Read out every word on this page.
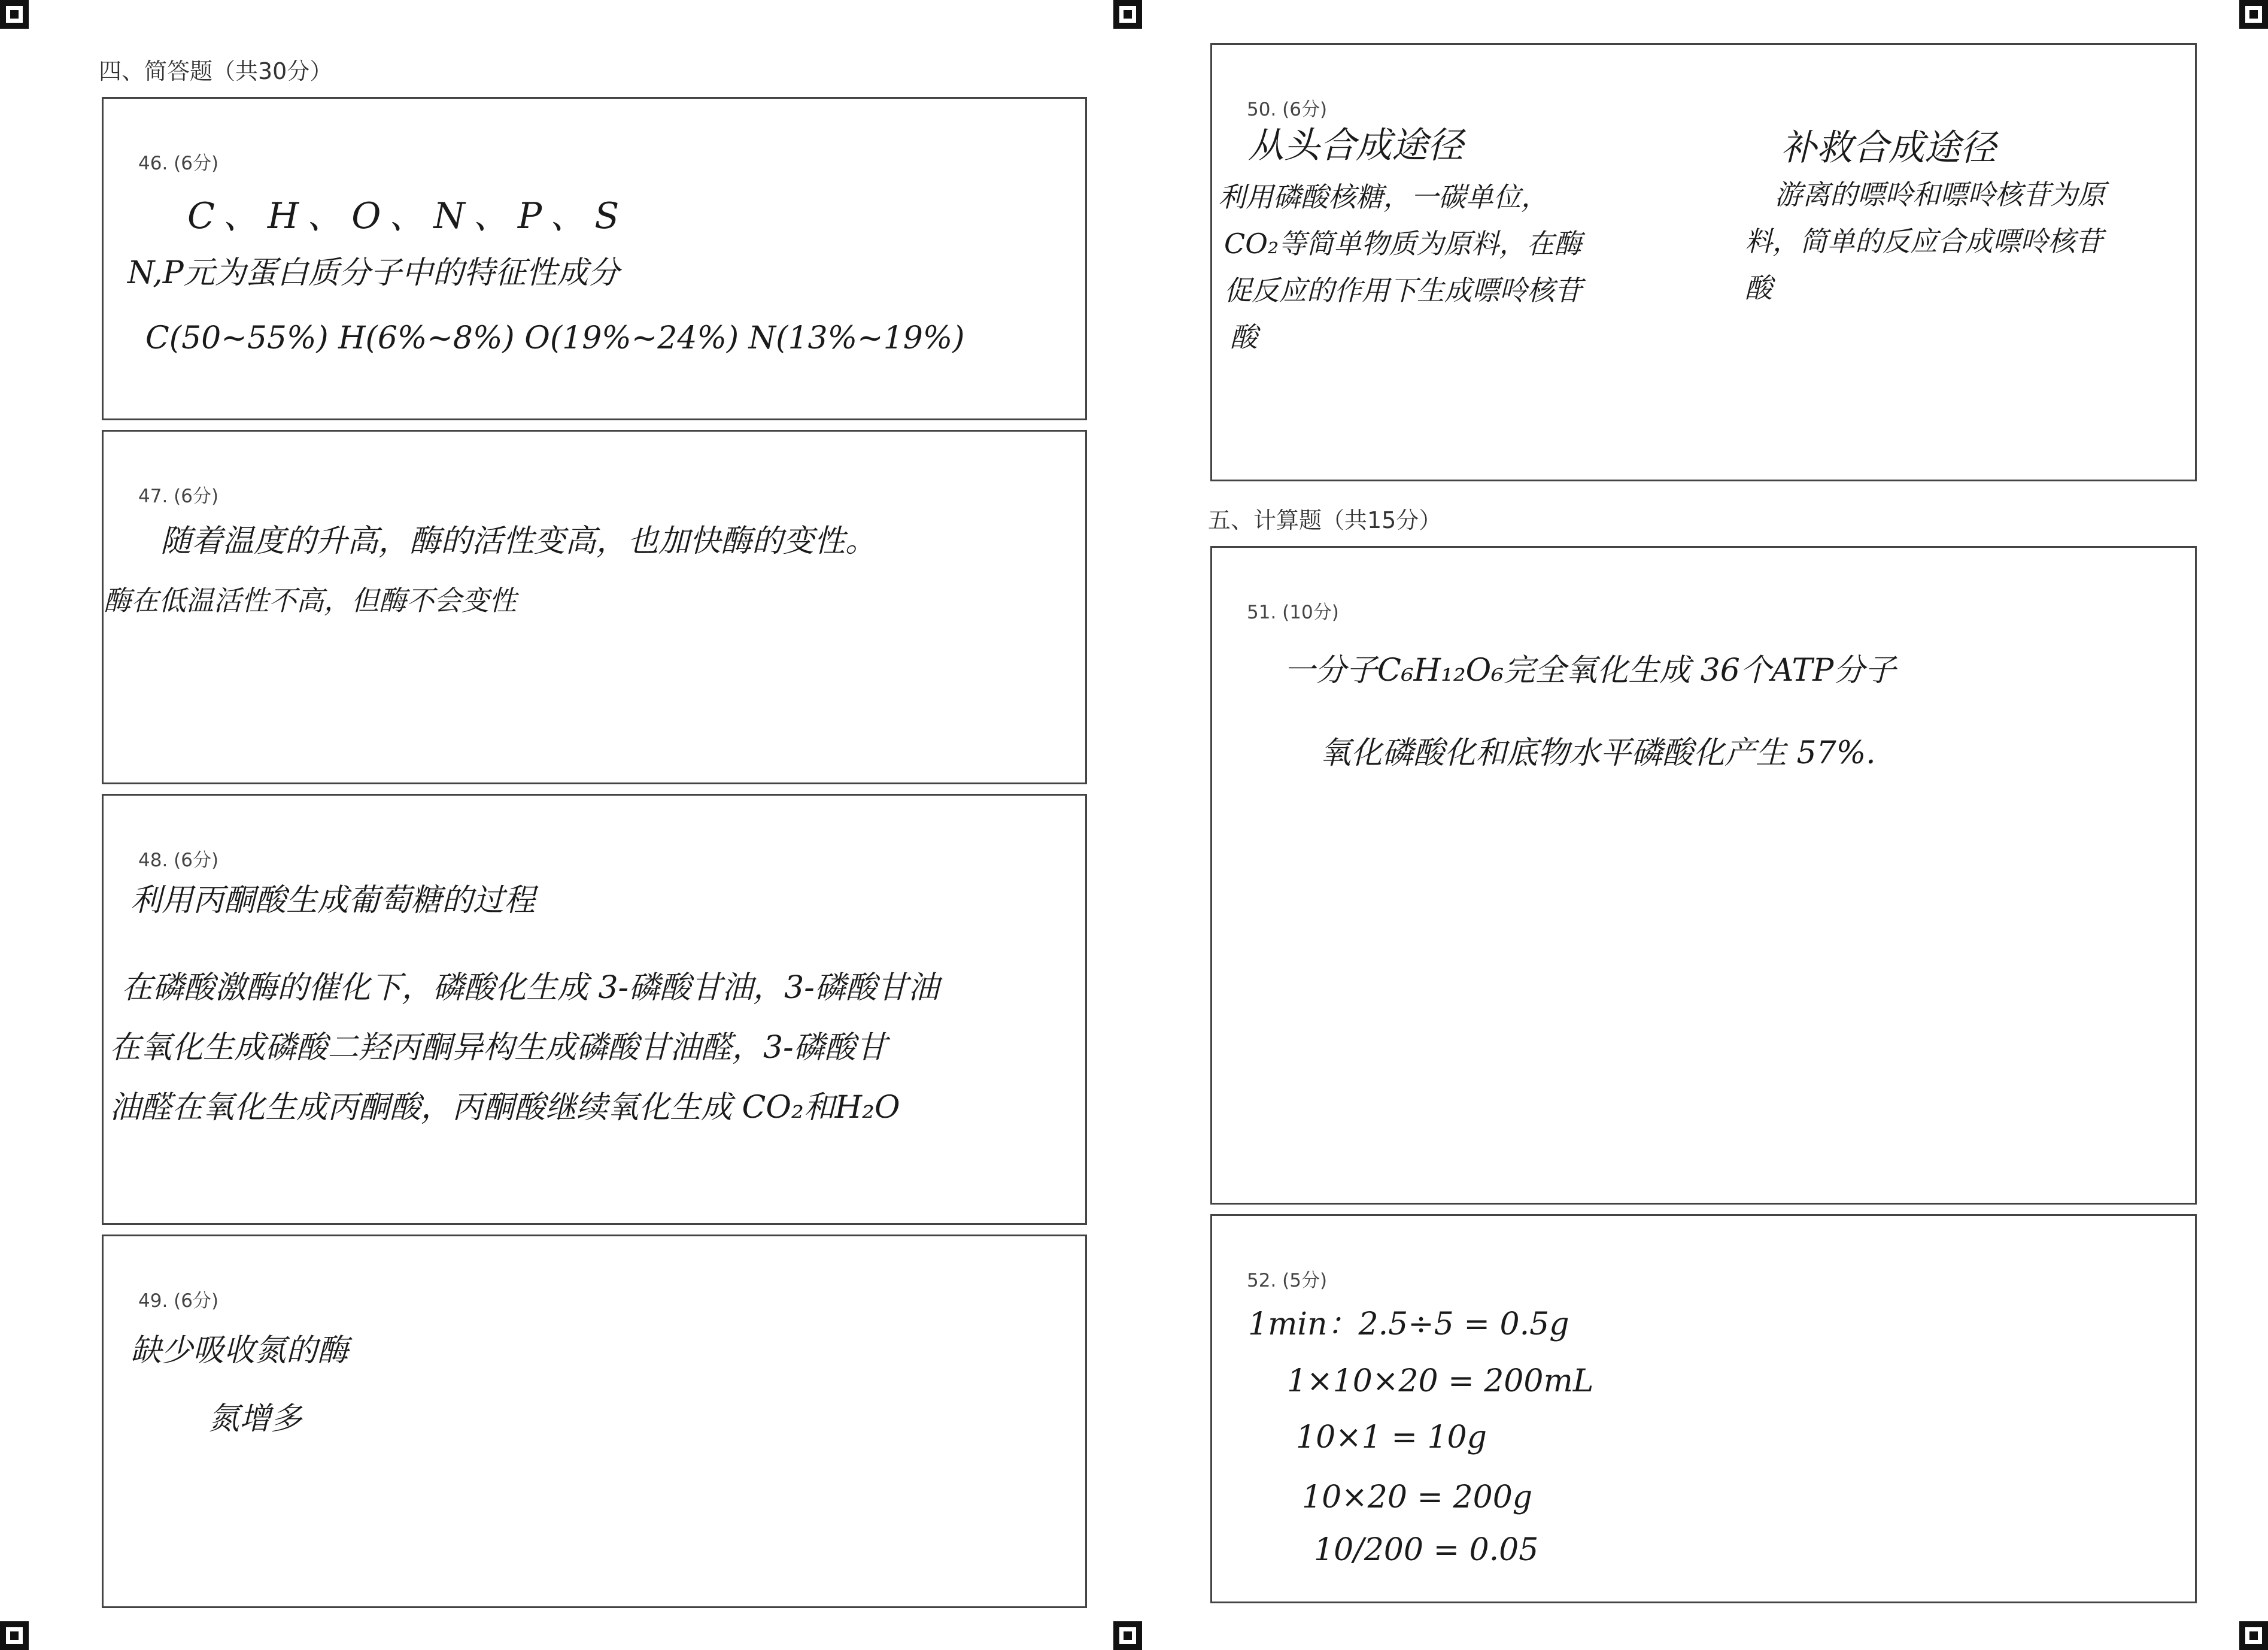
四、简答题（共30分）
46. (6分)
C、H、O、N、P、S
N,P元为蛋白质分子中的特征性成分
C(50~55%) H(6%~8%) O(19%~24%) N(13%~19%)
47. (6分)
随着温度的升高，酶的活性变高，也加快酶的变性。
酶在低温活性不高，但酶不会变性
48. (6分)
利用丙酮酸生成葡萄糖的过程
在磷酸激酶的催化下，磷酸化生成 3-磷酸甘油，3-磷酸甘油
在氧化生成磷酸二羟丙酮异构生成磷酸甘油醛，3-磷酸甘
油醛在氧化生成丙酮酸，丙酮酸继续氧化生成 CO₂和H₂O
49. (6分)
缺少吸收氮的酶
氮增多
50. (6分)
从头合成途径
利用磷酸核糖，一碳单位，
CO₂等简单物质为原料，在酶
促反应的作用下生成嘌呤核苷
酸
补救合成途径
游离的嘌呤和嘌呤核苷为原
料，简单的反应合成嘌呤核苷
酸
五、计算题（共15分）
51. (10分)
一分子C₆H₁₂O₆完全氧化生成 36个ATP分子
氧化磷酸化和底物水平磷酸化产生 57%.
52. (5分)
1min：2.5÷5 = 0.5g
1×10×20 = 200mL
10×1 = 10g
10×20 = 200g
10/200 = 0.05
